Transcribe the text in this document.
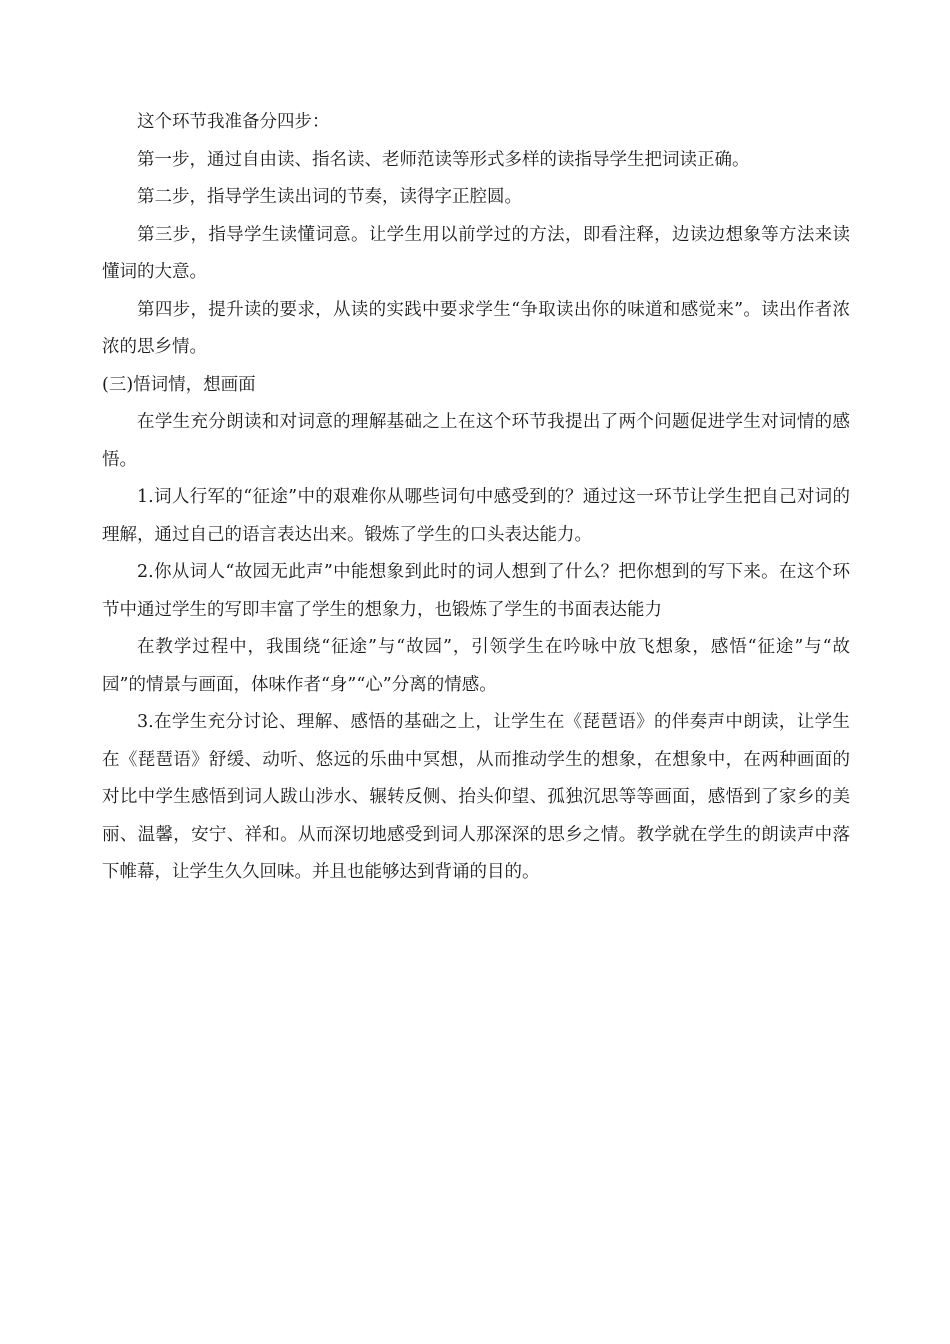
这个环节我准备分四步：

第一步，通过自由读、指名读、老师范读等形式多样的读指导学生把词读正确。

第二步，指导学生读出词的节奏，读得字正腔圆。

第三步，指导学生读懂词意。让学生用以前学过的方法，即看注释，边读边想象等方法来读懂词的大意。

第四步，提升读的要求，从读的实践中要求学生“争取读出你的味道和感觉来”。读出作者浓浓的思乡情。

(三)悟词情，想画面

在学生充分朗读和对词意的理解基础之上在这个环节我提出了两个问题促进学生对词情的感悟。

1.词人行军的“征途”中的艰难你从哪些词句中感受到的？通过这一环节让学生把自己对词的理解，通过自己的语言表达出来。锻炼了学生的口头表达能力。

2.你从词人“故园无此声”中能想象到此时的词人想到了什么？把你想到的写下来。在这个环节中通过学生的写即丰富了学生的想象力，也锻炼了学生的书面表达能力

在教学过程中，我围绕“征途”与“故园”，引领学生在吟咏中放飞想象，感悟“征途”与“故园”的情景与画面，体味作者“身”“心”分离的情感。

3.在学生充分讨论、理解、感悟的基础之上，让学生在《琵琶语》的伴奏声中朗读，让学生在《琵琶语》舒缓、动听、悠远的乐曲中冥想，从而推动学生的想象，在想象中，在两种画面的对比中学生感悟到词人跋山涉水、辗转反侧、抬头仰望、孤独沉思等等画面，感悟到了家乡的美丽、温馨，安宁、祥和。从而深切地感受到词人那深深的思乡之情。教学就在学生的朗读声中落下帷幕，让学生久久回味。并且也能够达到背诵的目的。
